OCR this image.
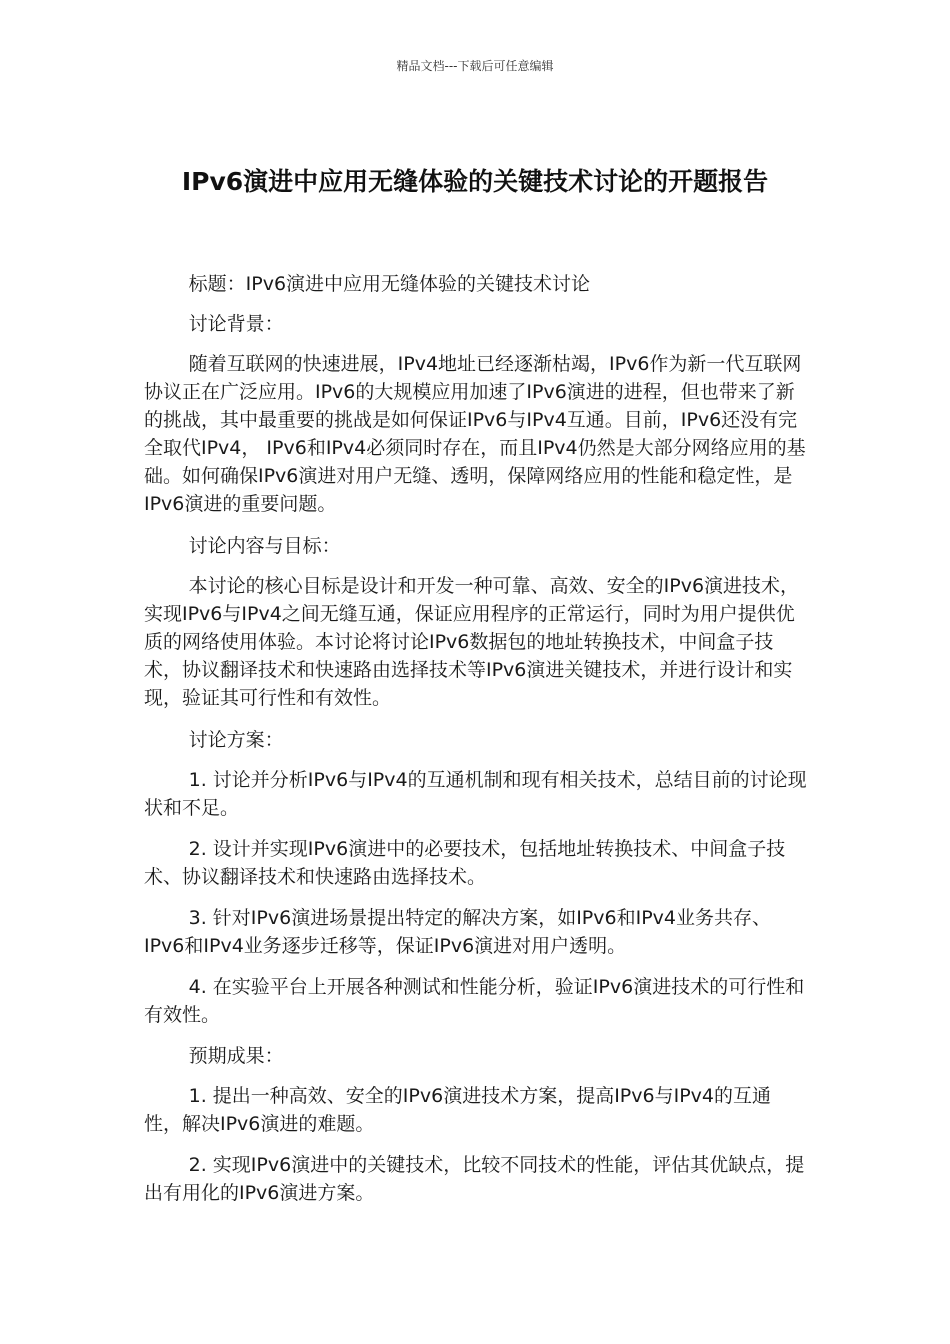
精品文档---下载后可任意编辑
IPv6演进中应用无缝体验的关键技术讨论的开题报告

标题：IPv6演进中应用无缝体验的关键技术讨论

讨论背景：

随着互联网的快速进展，IPv4地址已经逐渐枯竭，IPv6作为新一代互联网协议正在广泛应用。IPv6的大规模应用加速了IPv6演进的进程，但也带来了新的挑战，其中最重要的挑战是如何保证IPv6与IPv4互通。目前，IPv6还没有完全取代IPv4， IPv6和IPv4必须同时存在，而且IPv4仍然是大部分网络应用的基础。如何确保IPv6演进对用户无缝、透明，保障网络应用的性能和稳定性，是IPv6演进的重要问题。

讨论内容与目标：

本讨论的核心目标是设计和开发一种可靠、高效、安全的IPv6演进技术，实现IPv6与IPv4之间无缝互通，保证应用程序的正常运行，同时为用户提供优质的网络使用体验。本讨论将讨论IPv6数据包的地址转换技术，中间盒子技术，协议翻译技术和快速路由选择技术等IPv6演进关键技术，并进行设计和实现，验证其可行性和有效性。

讨论方案：

1. 讨论并分析IPv6与IPv4的互通机制和现有相关技术，总结目前的讨论现状和不足。

2. 设计并实现IPv6演进中的必要技术，包括地址转换技术、中间盒子技术、协议翻译技术和快速路由选择技术。

3. 针对IPv6演进场景提出特定的解决方案，如IPv6和IPv4业务共存、IPv6和IPv4业务逐步迁移等，保证IPv6演进对用户透明。

4. 在实验平台上开展各种测试和性能分析，验证IPv6演进技术的可行性和有效性。

预期成果：

1. 提出一种高效、安全的IPv6演进技术方案，提高IPv6与IPv4的互通性，解决IPv6演进的难题。

2. 实现IPv6演进中的关键技术，比较不同技术的性能，评估其优缺点，提出有用化的IPv6演进方案。
